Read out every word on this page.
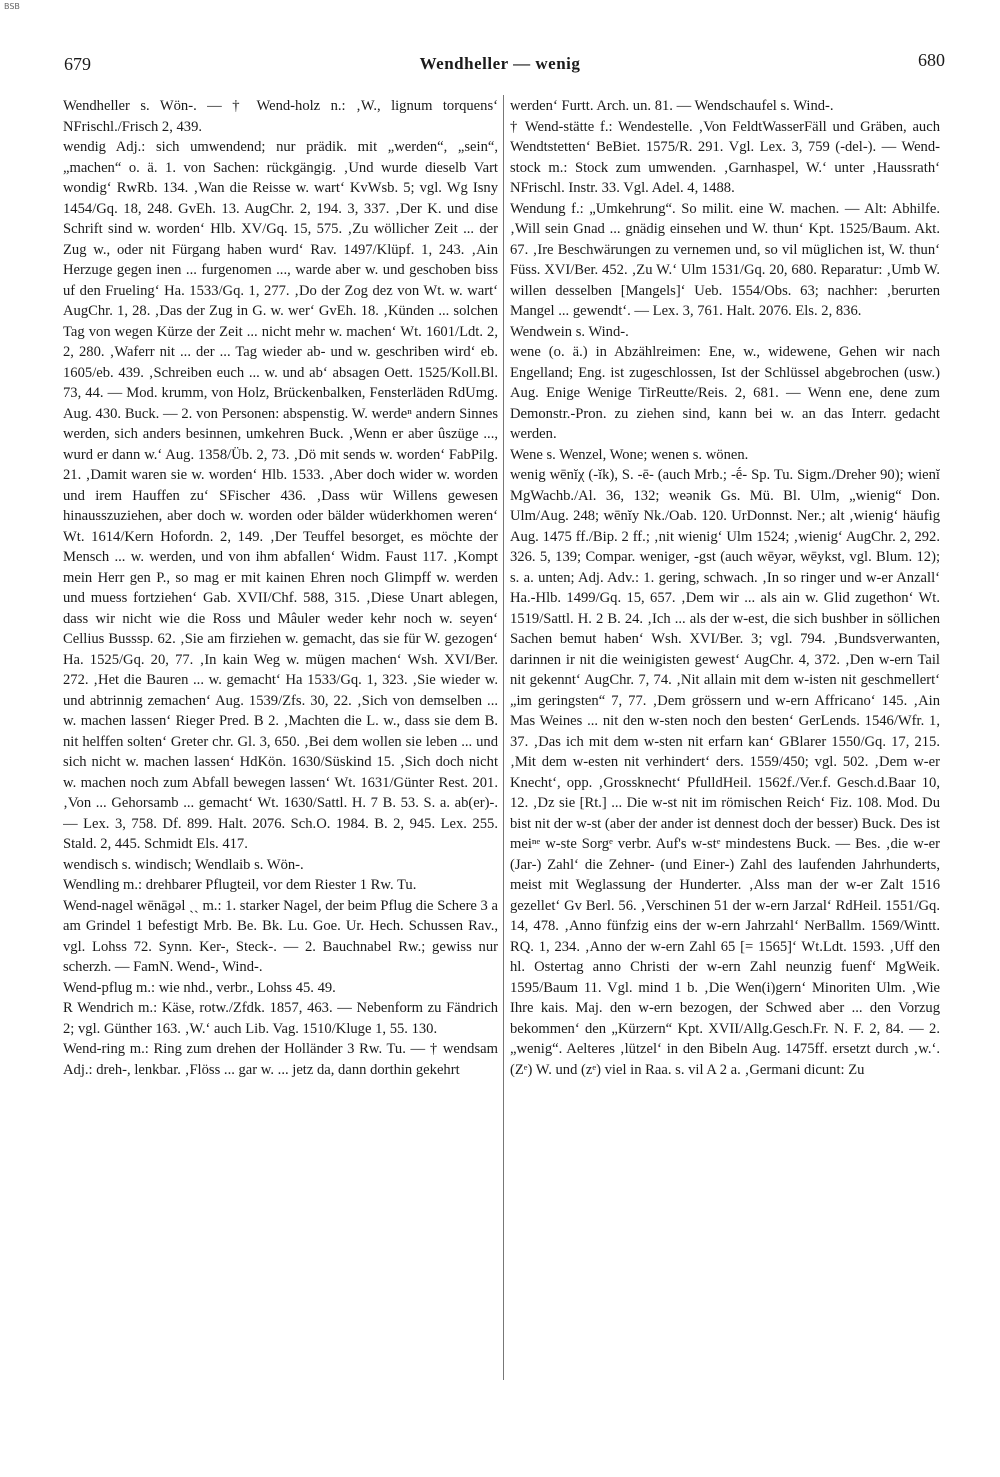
BSB
679	Wendheller — wenig	680

Wendheller s. Wön-. — † Wend-holz n.: ‚W., lignum torquens‘ NFrischl./Frisch 2, 439.

wendig Adj.: sich umwendend; nur prädik. mit „werden“, „sein“, „machen“ o. ä. 1. von Sachen: rückgängig. ‚Und wurde dieselb Vart wondig‘ RwRb. 134. ‚Wan die Reisse w. wart‘ KvWsb. 5; vgl. Wg Isny 1454/Gq. 18, 248. GvEh. 13. AugChr. 2, 194. 3, 337. ‚Der K. und dise Schrift sind w. worden‘ Hlb. XV/Gq. 15, 575. ‚Zu wöllicher Zeit ... der Zug w., oder nit Fürgang haben wurd‘ Rav. 1497/Klüpf. 1, 243. ‚Ain Herzuge gegen inen ... furgenomen ..., warde aber w. und geschoben biss uf den Frueling‘ Ha. 1533/Gq. 1, 277. ‚Do der Zog dez von Wt. w. wart‘ AugChr. 1, 28. ‚Das der Zug in G. w. wer‘ GvEh. 18. ‚Künden ... solchen Tag von wegen Kürze der Zeit ... nicht mehr w. machen‘ Wt. 1601/Ldt. 2, 2, 280. ‚Waferr nit ... der ... Tag wieder ab- und w. geschriben wird‘ eb. 1605/eb. 439. ‚Schreiben euch ... w. und ab‘ absagen Oett. 1525/Koll.Bl. 73, 44. — Mod. krumm, von Holz, Brückenbalken, Fensterläden RdUmg. Aug. 430. Buck. — 2. von Personen: abspenstig. W. werdeⁿ andern Sinnes werden, sich anders besinnen, umkehren Buck. ‚Wenn er aber ûszüge ..., wurd er dann w.‘ Aug. 1358/Üb. 2, 73. ‚Dö mit sends w. worden‘ FabPilg. 21. ‚Damit waren sie w. worden‘ Hlb. 1533. ‚Aber doch wider w. worden und irem Hauffen zu‘ SFischer 436. ‚Dass wür Willens gewesen hinausszuziehen, aber doch w. worden oder bälder wüderkhomen weren‘ Wt. 1614/Kern Hofordn. 2, 149. ‚Der Teuffel besorget, es möchte der Mensch ... w. werden, und von ihm abfallen‘ Widm. Faust 117. ‚Kompt mein Herr gen P., so mag er mit kainen Ehren noch Glimpff w. werden und muess fortziehen‘ Gab. XVII/Chf. 588, 315. ‚Diese Unart ablegen, dass wir nicht wie die Ross und Mâuler weder kehr noch w. seyen‘ Cellius Busssp. 62. ‚Sie am firziehen w. gemacht, das sie für W. gezogen‘ Ha. 1525/Gq. 20, 77. ‚In kain Weg w. mügen machen‘ Wsh. XVI/Ber. 272. ‚Het die Bauren ... w. gemacht‘ Ha 1533/Gq. 1, 323. ‚Sie wieder w. und abtrinnig zemachen‘ Aug. 1539/Zfs. 30, 22. ‚Sich von demselben ... w. machen lassen‘ Rieger Pred. B 2. ‚Machten die L. w., dass sie dem B. nit helffen solten‘ Greter chr. Gl. 3, 650. ‚Bei dem wollen sie leben ... und sich nicht w. machen lassen‘ HdKön. 1630/Süskind 15. ‚Sich doch nicht w. machen noch zum Abfall bewegen lassen‘ Wt. 1631/Günter Rest. 201. ‚Von ... Gehorsamb ... gemacht‘ Wt. 1630/Sattl. H. 7 B. 53. S. a. ab(er)-. — Lex. 3, 758. Df. 899. Halt. 2076. Sch.O. 1984. B. 2, 945. Lex. 255. Stald. 2, 445. Schmidt Els. 417.

wendisch s. windisch; Wendlaib s. Wön-.

Wendling m.: drehbarer Pflugteil, vor dem Riester 1 Rw. Tu.

Wend-nagel wēnāgəl ˏˏ m.: 1. starker Nagel, der beim Pflug die Schere 3 a am Grindel 1 befestigt Mrb. Be. Bk. Lu. Goe. Ur. Hech. Schussen Rav., vgl. Lohss 72. Synn. Ker-, Steck-. — 2. Bauchnabel Rw.; gewiss nur scherzh. — FamN. Wend-, Wind-.

Wend-pflug m.: wie nhd., verbr., Lohss 45. 49.

R Wendrich m.: Käse, rotw./Zfdk. 1857, 463. — Nebenform zu Fändrich 2; vgl. Günther 163. ‚W.‘ auch Lib. Vag. 1510/Kluge 1, 55. 130.

Wend-ring m.: Ring zum drehen der Holländer 3 Rw. Tu. — † wendsam Adj.: dreh-, lenkbar. ‚Flöss ... gar w. ... jetz da, dann dorthin gekehrt

werden‘ Furtt. Arch. un. 81. — Wendschaufel s. Wind-.

† Wend-stätte f.: Wendestelle. ‚Von FeldtWasserFäll und Gräben, auch Wendtstetten‘ BeBiet. 1575/R. 291. Vgl. Lex. 3, 759 (-del-). — Wend-stock m.: Stock zum umwenden. ‚Garnhaspel, W.‘ unter ‚Haussrath‘ NFrischl. Instr. 33. Vgl. Adel. 4, 1488.

Wendung f.: „Umkehrung“. So milit. eine W. machen. — Alt: Abhilfe. ‚Will sein Gnad ... gnädig einsehen und W. thun‘ Kpt. 1525/Baum. Akt. 67. ‚Ire Beschwärungen zu vernemen und, so vil müglichen ist, W. thun‘ Füss. XVI/Ber. 452. ‚Zu W.‘ Ulm 1531/Gq. 20, 680. Reparatur: ‚Umb W. willen desselben [Mangels]‘ Ueb. 1554/Obs. 63; nachher: ‚berurten Mangel ... gewendt‘. — Lex. 3, 761. Halt. 2076. Els. 2, 836.

Wendwein s. Wind-.

wene (o. ä.) in Abzählreimen: Ene, w., widewene, Gehen wir nach Engelland; Eng. ist zugeschlossen, Ist der Schlüssel abgebrochen (usw.) Aug. Enige Wenige TirReutte/Reis. 2, 681. — Wenn ene, dene zum Demonstr.-Pron. zu ziehen sind, kann bei w. an das Interr. gedacht werden.

Wene s. Wenzel, Wone; wenen s. wönen.

wenig wēnĭχ (-ĭk), S. -ē- (auch Mrb.; -ḗ- Sp. Tu. Sigm./Dreher 90); wienĭ MgWachb./Al. 36, 132; weənik Gs. Mü. Bl. Ulm, „wienig“ Don. Ulm/Aug. 248; wēnĭy Nk./Oab. 120. UrDonnst. Ner.; alt ‚wienig‘ häufig Aug. 1475 ff./Bip. 2 ff.; ‚nit wienig‘ Ulm 1524; ‚wienig‘ AugChr. 2, 292. 326. 5, 139; Compar. weniger, -gst (auch wēyər, wēykst, vgl. Blum. 12); s. a. unten; Adj. Adv.: 1. gering, schwach. ‚In so ringer und w-er Anzall‘ Ha.-Hlb. 1499/Gq. 15, 657. ‚Dem wir ... als ain w. Glid zugethon‘ Wt. 1519/Sattl. H. 2 B. 24. ‚Ich ... als der w-est, die sich bushber in söllichen Sachen bemut haben‘ Wsh. XVI/Ber. 3; vgl. 794. ‚Bundsverwanten, darinnen ir nit die weinigisten gewest‘ AugChr. 4, 372. ‚Den w-ern Tail nit gekennt‘ AugChr. 7, 74. ‚Nit allain mit dem w-isten nit geschmellert‘ „im geringsten“ 7, 77. ‚Dem grössern und w-ern Affricano‘ 145. ‚Ain Mas Weines ... nit den w-sten noch den besten‘ GerLends. 1546/Wfr. 1, 37. ‚Das ich mit dem w-sten nit erfarn kan‘ GBlarer 1550/Gq. 17, 215. ‚Mit dem w-esten nit verhindert‘ ders. 1559/450; vgl. 502. ‚Dem w-er Knecht‘, opp. ‚Grossknecht‘ PfulldHeil. 1562f./Ver.f. Gesch.d.Baar 10, 12. ‚Dz sie [Rt.] ... Die w-st nit im römischen Reich‘ Fiz. 108. Mod. Du bist nit der w-st (aber der ander ist dennest doch der besser) Buck. Des ist meiⁿᵉ w-ste Sorgᵉ verbr. Auf's w-stᵉ mindestens Buck. — Bes. ‚die w-er (Jar-) Zahl‘ die Zehner- (und Einer-) Zahl des laufenden Jahrhunderts, meist mit Weglassung der Hunderter. ‚Alss man der w-er Zalt 1516 gezellet‘ Gv Berl. 56. ‚Verschinen 51 der w-ern Jarzal‘ RdHeil. 1551/Gq. 14, 478. ‚Anno fünfzig eins der w-ern Jahrzahl‘ NerBallm. 1569/Wintt. RQ. 1, 234. ‚Anno der w-ern Zahl 65 [= 1565]‘ Wt.Ldt. 1593. ‚Uff den hl. Ostertag anno Christi der w-ern Zahl neunzig fuenf‘ MgWeik. 1595/Baum 11. Vgl. mind 1 b. ‚Die Wen(i)gern‘ Minoriten Ulm. ‚Wie Ihre kais. Maj. den w-ern bezogen, der Schwed aber ... den Vorzug bekommen‘ den „Kürzern“ Kpt. XVII/Allg.Gesch.Fr. N. F. 2, 84. — 2. „wenig“. Aelteres ‚lützel‘ in den Bibeln Aug. 1475ff. ersetzt durch ‚w.‘. (Zᵉ) W. und (zᵉ) viel in Raa. s. vil A 2 a. ‚Germani dicunt: Zu
